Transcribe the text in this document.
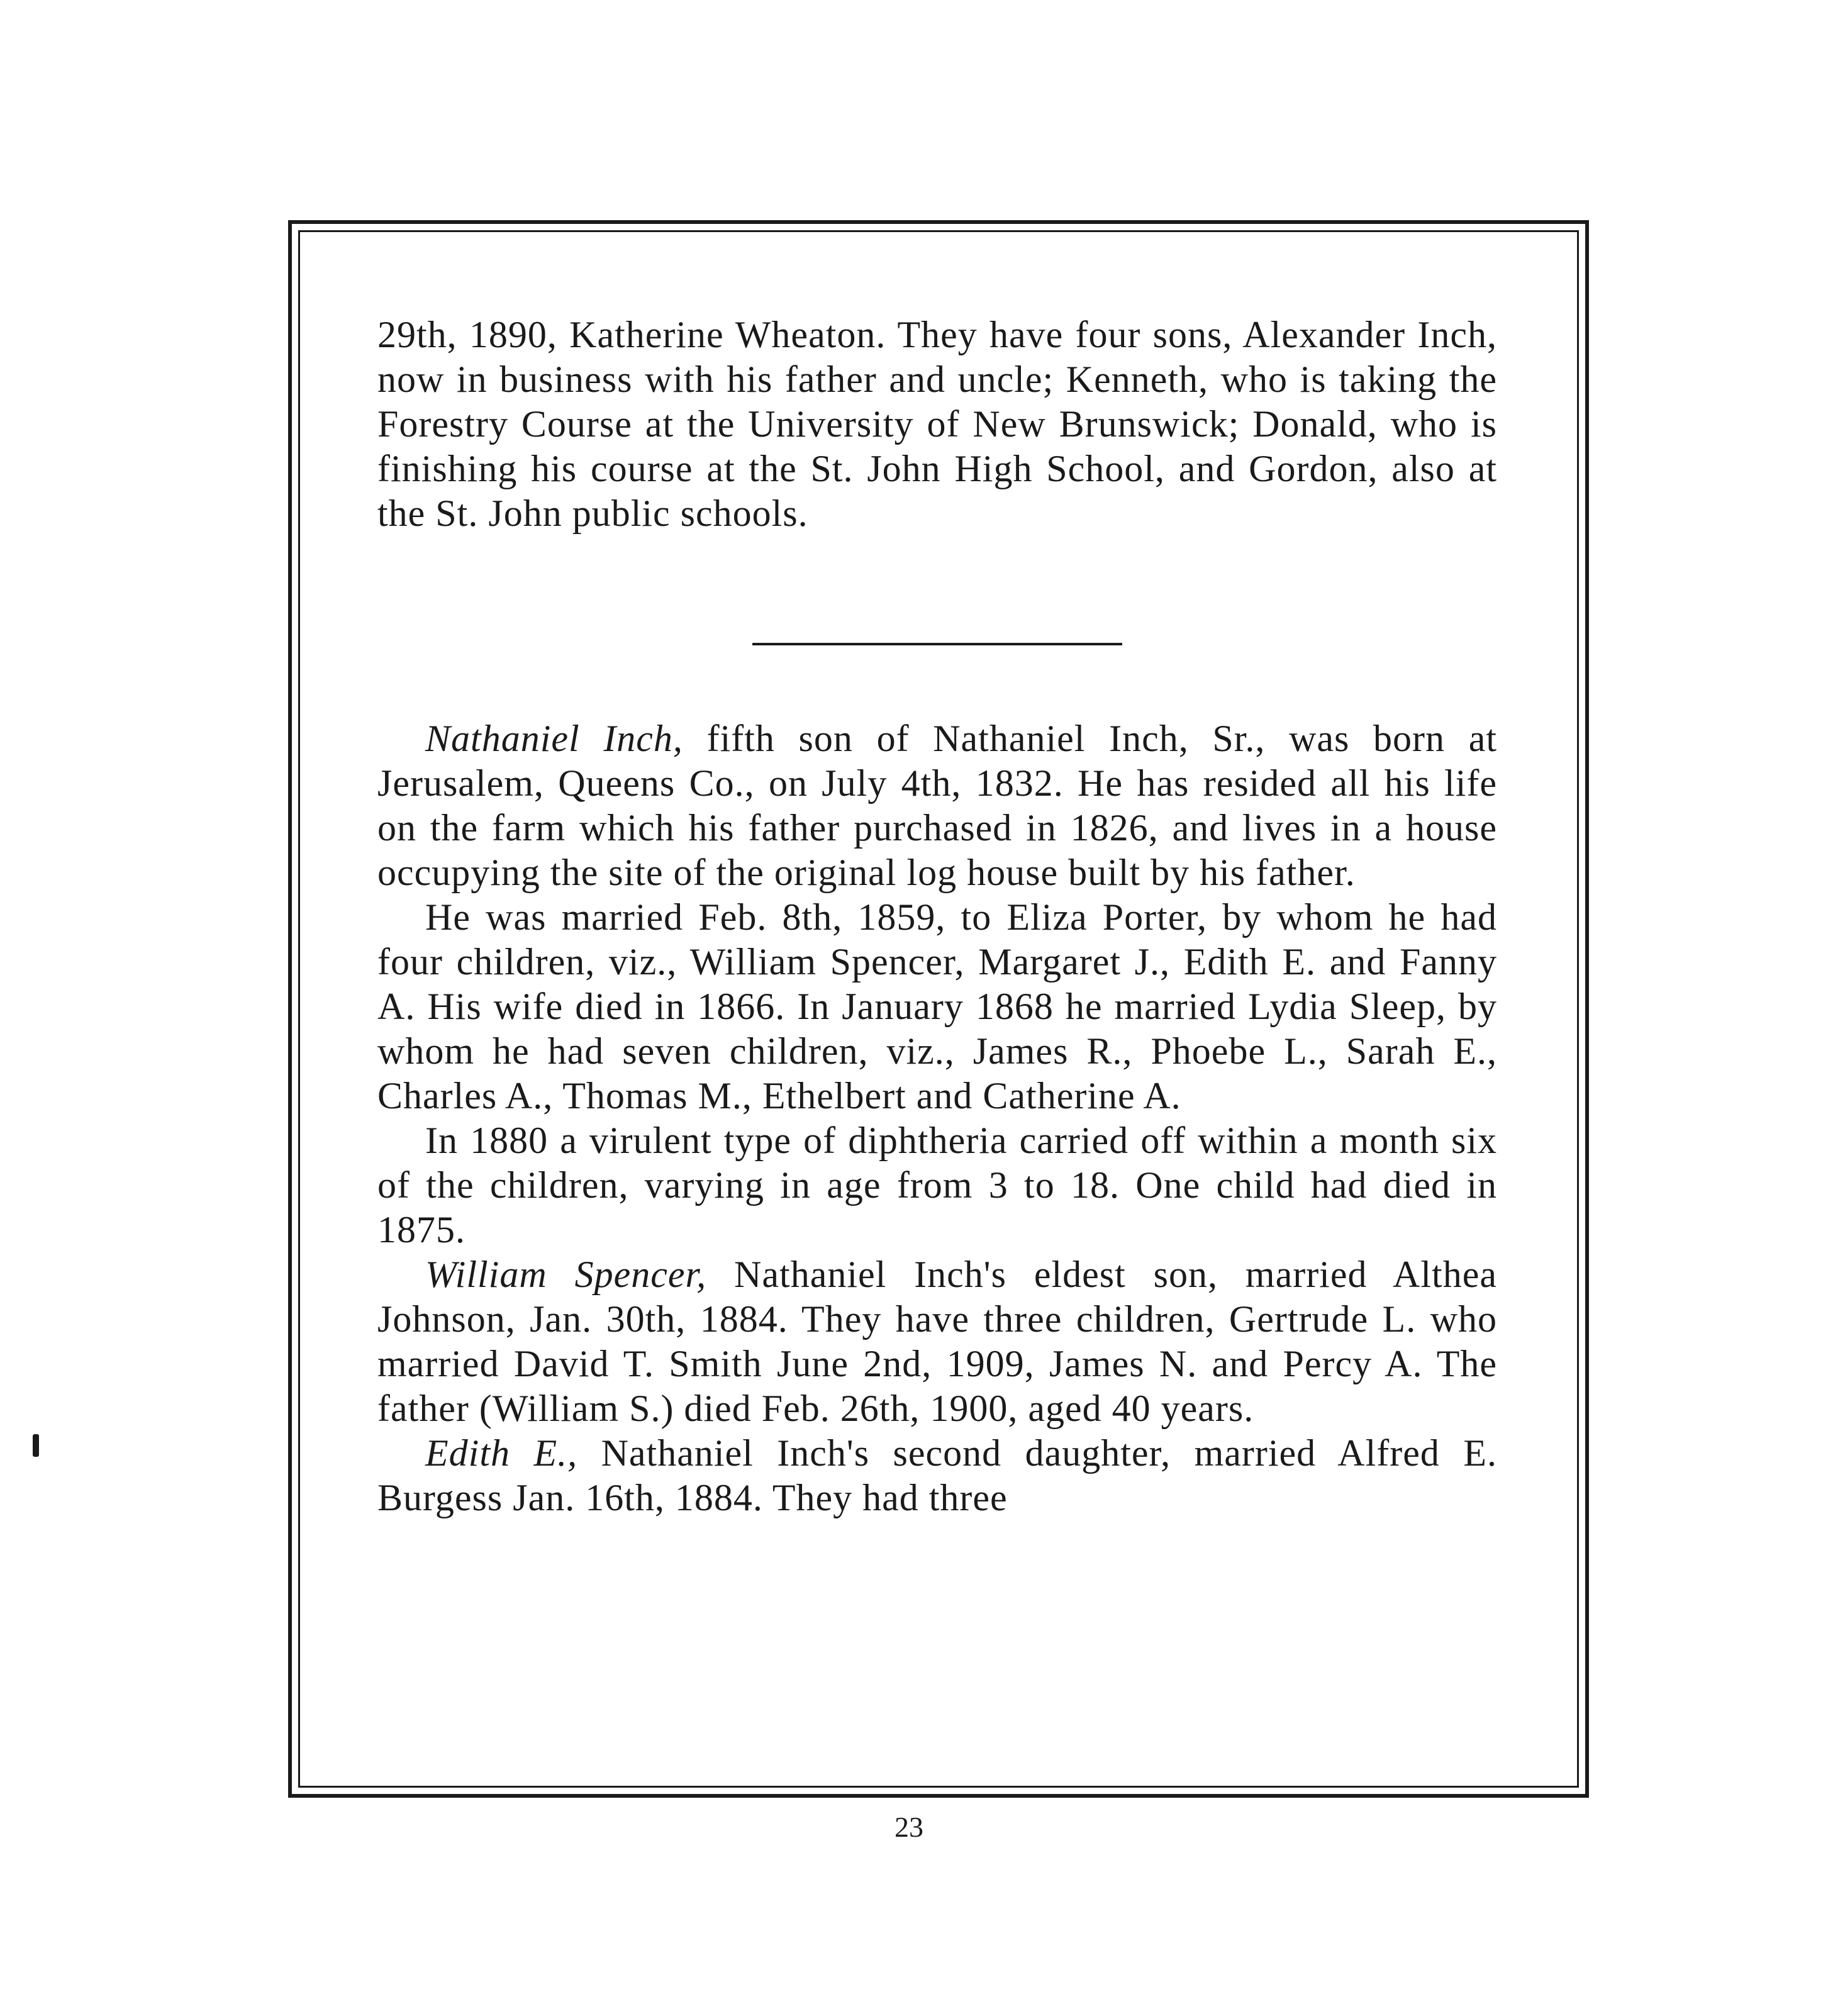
29th, 1890, Katherine Wheaton. They have four sons, Alexander Inch, now in business with his father and uncle; Kenneth, who is taking the Forestry Course at the University of New Brunswick; Donald, who is finishing his course at the St. John High School, and Gordon, also at the St. John public schools.

Nathaniel Inch, fifth son of Nathaniel Inch, Sr., was born at Jerusalem, Queens Co., on July 4th, 1832. He has resided all his life on the farm which his father purchased in 1826, and lives in a house occupying the site of the original log house built by his father.

He was married Feb. 8th, 1859, to Eliza Porter, by whom he had four children, viz., William Spencer, Margaret J., Edith E. and Fanny A. His wife died in 1866. In January 1868 he married Lydia Sleep, by whom he had seven children, viz., James R., Phoebe L., Sarah E., Charles A., Thomas M., Ethelbert and Catherine A.

In 1880 a virulent type of diphtheria carried off within a month six of the children, varying in age from 3 to 18. One child had died in 1875.

William Spencer, Nathaniel Inch's eldest son, married Althea Johnson, Jan. 30th, 1884. They have three children, Gertrude L. who married David T. Smith June 2nd, 1909, James N. and Percy A. The father (William S.) died Feb. 26th, 1900, aged 40 years.

Edith E., Nathaniel Inch's second daughter, married Alfred E. Burgess Jan. 16th, 1884. They had three

23
